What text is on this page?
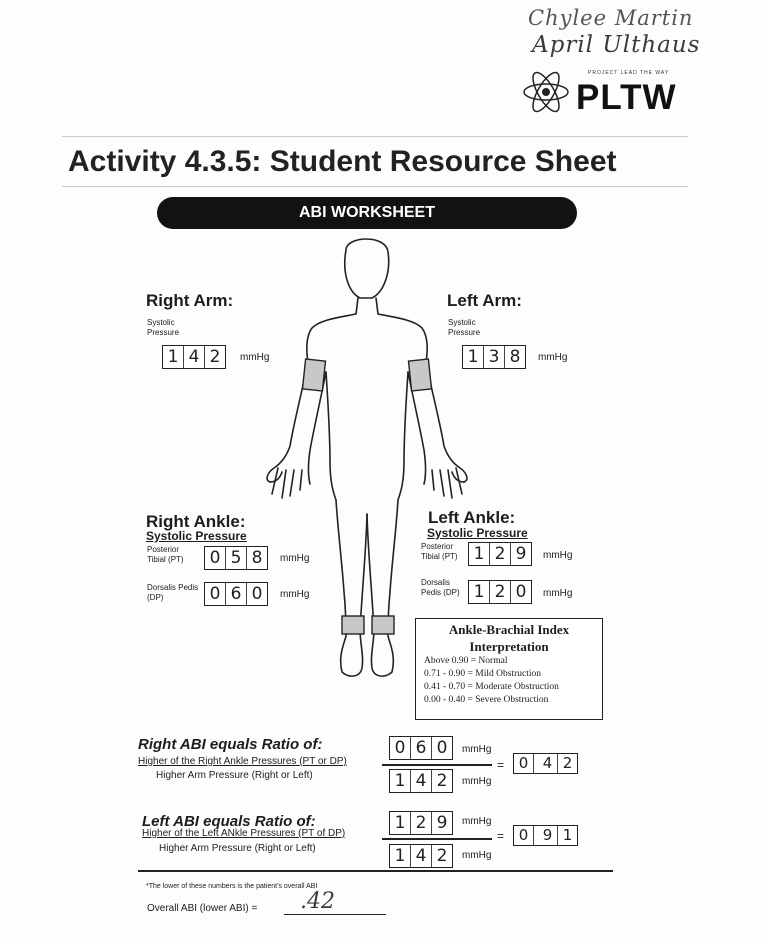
Chylee Martin
April Ulthaus
PROJECT LEAD THE WAY
PLTW
Activity 4.3.5: Student Resource Sheet
ABI WORKSHEET
Right Arm:
Systolic Pressure
1 4 2	mmHg
Left Arm:
Systolic Pressure
1 3 8	mmHg
Right Ankle:
Systolic Pressure
Posterior Tibial (PT)	0 5 8	mmHg
Dorsalis Pedis (DP)	0 6 0	mmHg
Left Ankle:
Systolic Pressure
Posterior Tibial (PT) 1 2 9	mmHg
Dorsalis Pedis (DP) 1 2 0	mmHg
Ankle-Brachial Index Interpretation
Above 0.90 = Normal
0.71 - 0.90 = Mild Obstruction
0.41 - 0.70 = Moderate Obstruction
0.00 - 0.40 = Severe Obstruction
Right ABI equals Ratio of:
Higher of the Right Ankle Pressures (PT or DP)
Higher Arm Pressure (Right or Left)
0 6 0	mmHg
1 4 2	mmHg
= 0 4 2
Left ABI equals Ratio of:
Higher of the Left ANkle Pressures (PT of DP)
Higher Arm Pressure (Right or Left)
1 2 9	mmHg
1 4 2	mmHg
= 0 9 1
*The lower of these numbers is the patient's overall ABI
Overall ABI (lower ABI) = .42
